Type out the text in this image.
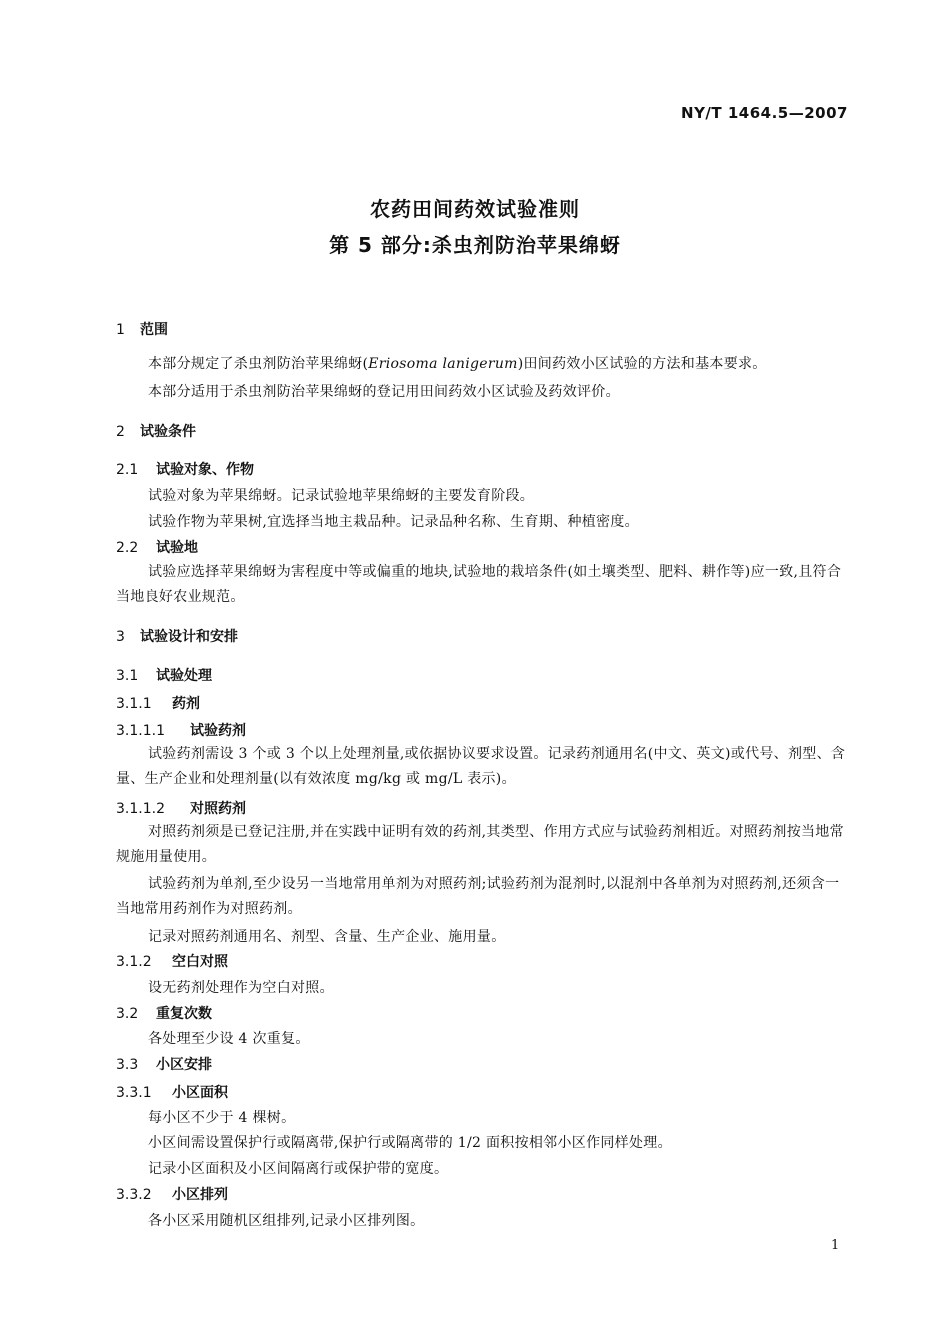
NY/T 1464.5—2007
农药田间药效试验准则
第 5 部分:杀虫剂防治苹果绵蚜
1 范围
本部分规定了杀虫剂防治苹果绵蚜(Eriosoma lanigerum)田间药效小区试验的方法和基本要求。
本部分适用于杀虫剂防治苹果绵蚜的登记用田间药效小区试验及药效评价。
2 试验条件
2.1 试验对象、作物
试验对象为苹果绵蚜。记录试验地苹果绵蚜的主要发育阶段。
试验作物为苹果树,宜选择当地主栽品种。记录品种名称、生育期、种植密度。
2.2 试验地
试验应选择苹果绵蚜为害程度中等或偏重的地块,试验地的栽培条件(如土壤类型、肥料、耕作等)应一致,且符合当地良好农业规范。
3 试验设计和安排
3.1 试验处理
3.1.1 药剂
3.1.1.1 试验药剂
试验药剂需设 3 个或 3 个以上处理剂量,或依据协议要求设置。记录药剂通用名(中文、英文)或代号、剂型、含量、生产企业和处理剂量(以有效浓度 mg/kg 或 mg/L 表示)。
3.1.1.2 对照药剂
对照药剂须是已登记注册,并在实践中证明有效的药剂,其类型、作用方式应与试验药剂相近。对照药剂按当地常规施用量使用。
试验药剂为单剂,至少设另一当地常用单剂为对照药剂;试验药剂为混剂时,以混剂中各单剂为对照药剂,还须含一当地常用药剂作为对照药剂。
记录对照药剂通用名、剂型、含量、生产企业、施用量。
3.1.2 空白对照
设无药剂处理作为空白对照。
3.2 重复次数
各处理至少设 4 次重复。
3.3 小区安排
3.3.1 小区面积
每小区不少于 4 棵树。
小区间需设置保护行或隔离带,保护行或隔离带的 1/2 面积按相邻小区作同样处理。
记录小区面积及小区间隔离行或保护带的宽度。
3.3.2 小区排列
各小区采用随机区组排列,记录小区排列图。
1
